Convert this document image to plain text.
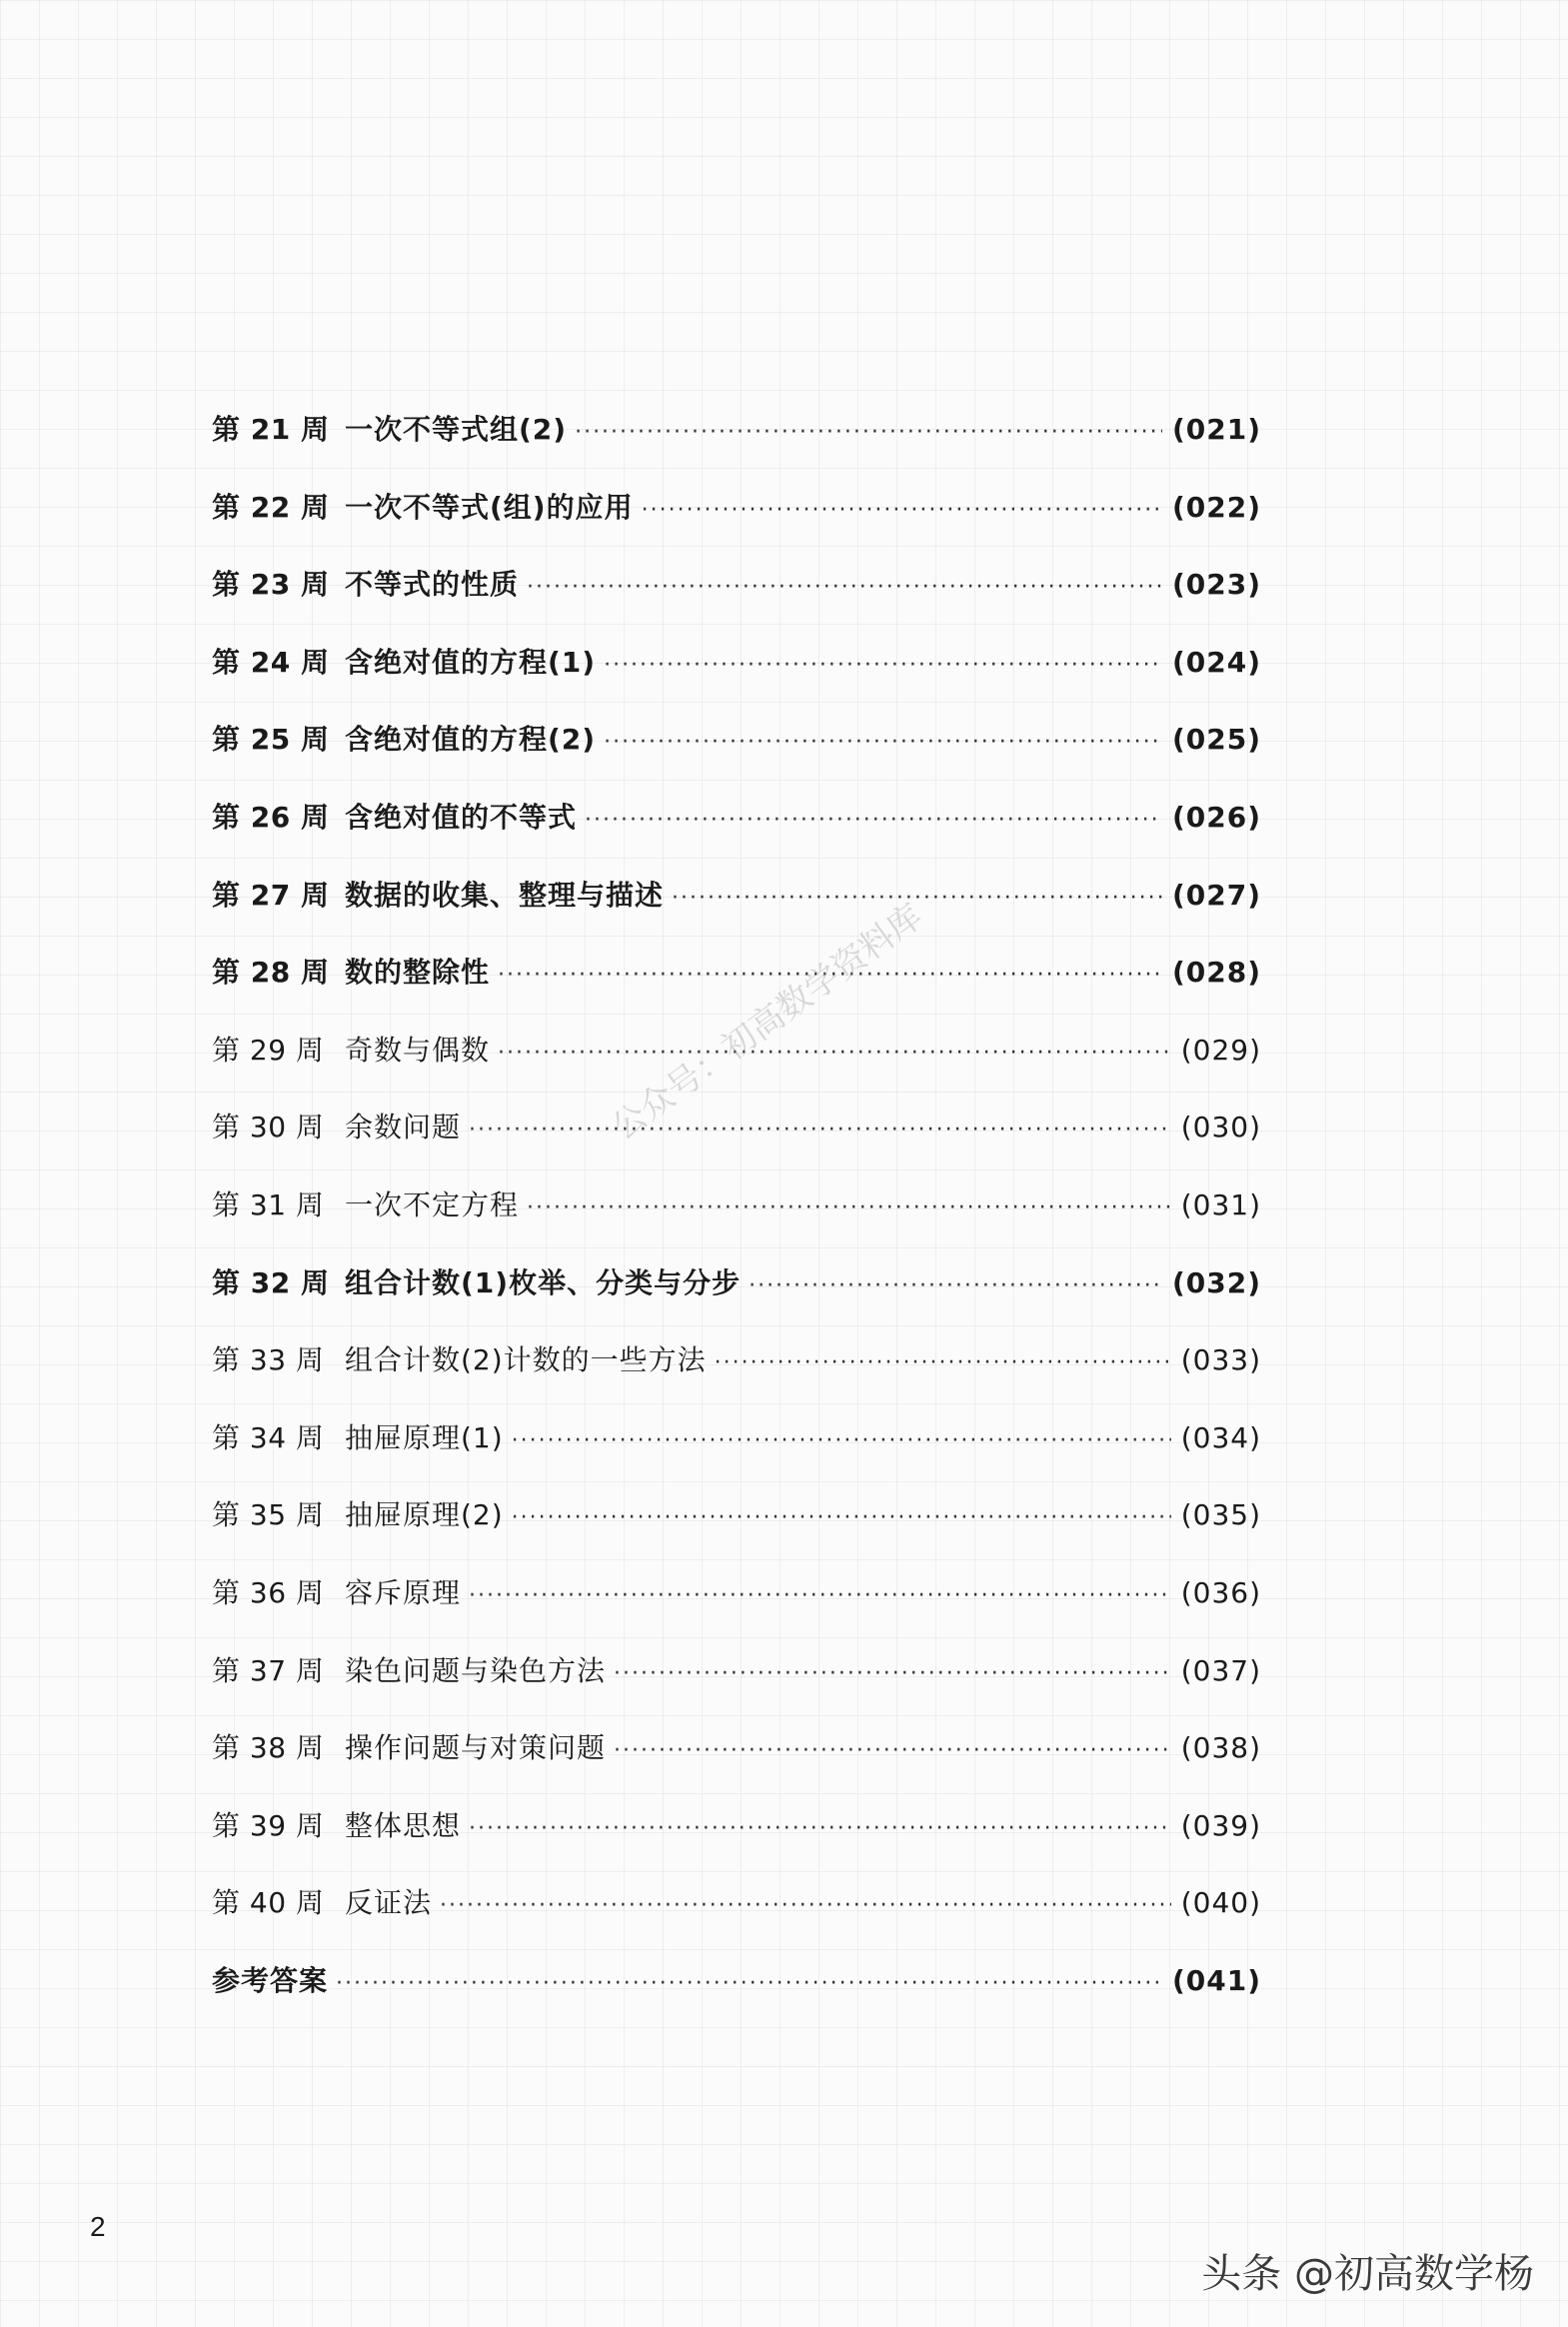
第 21 周 一次不等式组(2) ·····	(021)
第 22 周 一次不等式(组)的应用 ·····	(022)
第 23 周 不等式的性质 ·····	(023)
第 24 周 含绝对值的方程(1) ·····	(024)
第 25 周 含绝对值的方程(2) ·····	(025)
第 26 周 含绝对值的不等式 ·····	(026)
第 27 周 数据的收集、整理与描述 ·····	(027)
第 28 周 数的整除性 ·····	(028)
第 29 周 奇数与偶数 ·····	(029)
第 30 周 余数问题 ·····	(030)
第 31 周 一次不定方程 ·····	(031)
第 32 周 组合计数(1)枚举、分类与分步 ·····	(032)
第 33 周 组合计数(2)计数的一些方法 ·····	(033)
第 34 周 抽屉原理(1) ·····	(034)
第 35 周 抽屉原理(2) ·····	(035)
第 36 周 容斥原理 ·····	(036)
第 37 周 染色问题与染色方法 ·····	(037)
第 38 周 操作问题与对策问题 ·····	(038)
第 39 周 整体思想 ·····	(039)
第 40 周 反证法 ·····	(040)
参考答案 ·····	(041)
2
公众号：初高数学资料库
头条 @初高数学杨
